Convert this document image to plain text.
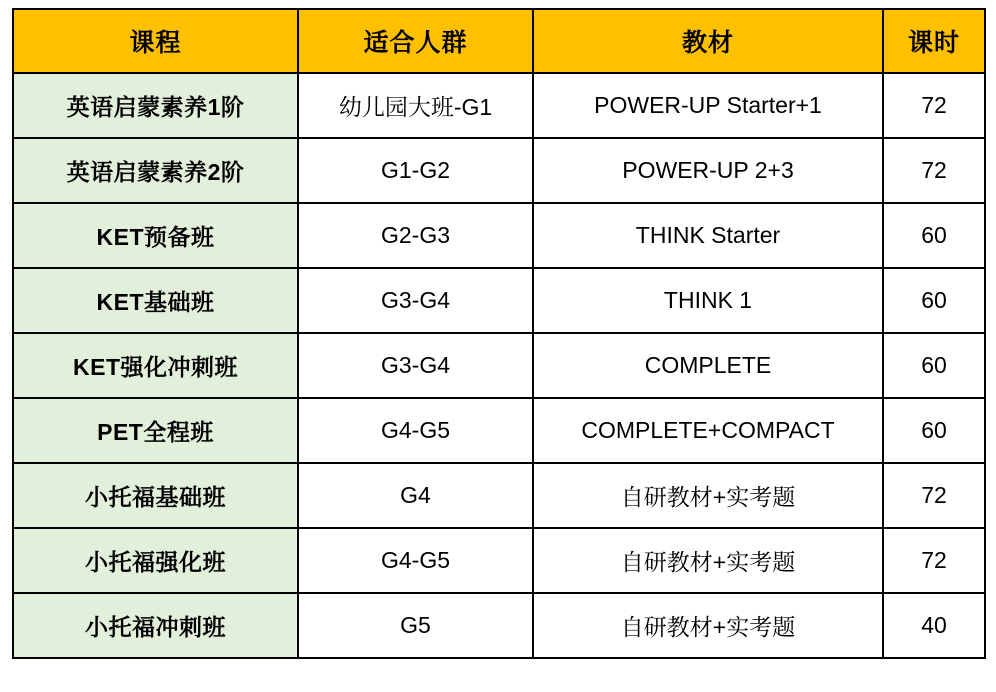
课程	适合人群	教材	课时
英语启蒙素养1阶	幼儿园大班-G1	POWER-UP Starter+1	72
英语启蒙素养2阶	G1-G2	POWER-UP 2+3	72
KET预备班	G2-G3	THINK Starter	60
KET基础班	G3-G4	THINK 1	60
KET强化冲刺班	G3-G4	COMPLETE	60
PET全程班	G4-G5	COMPLETE+COMPACT	60
小托福基础班	G4	自研教材+实考题	72
小托福强化班	G4-G5	自研教材+实考题	72
小托福冲刺班	G5	自研教材+实考题	40
